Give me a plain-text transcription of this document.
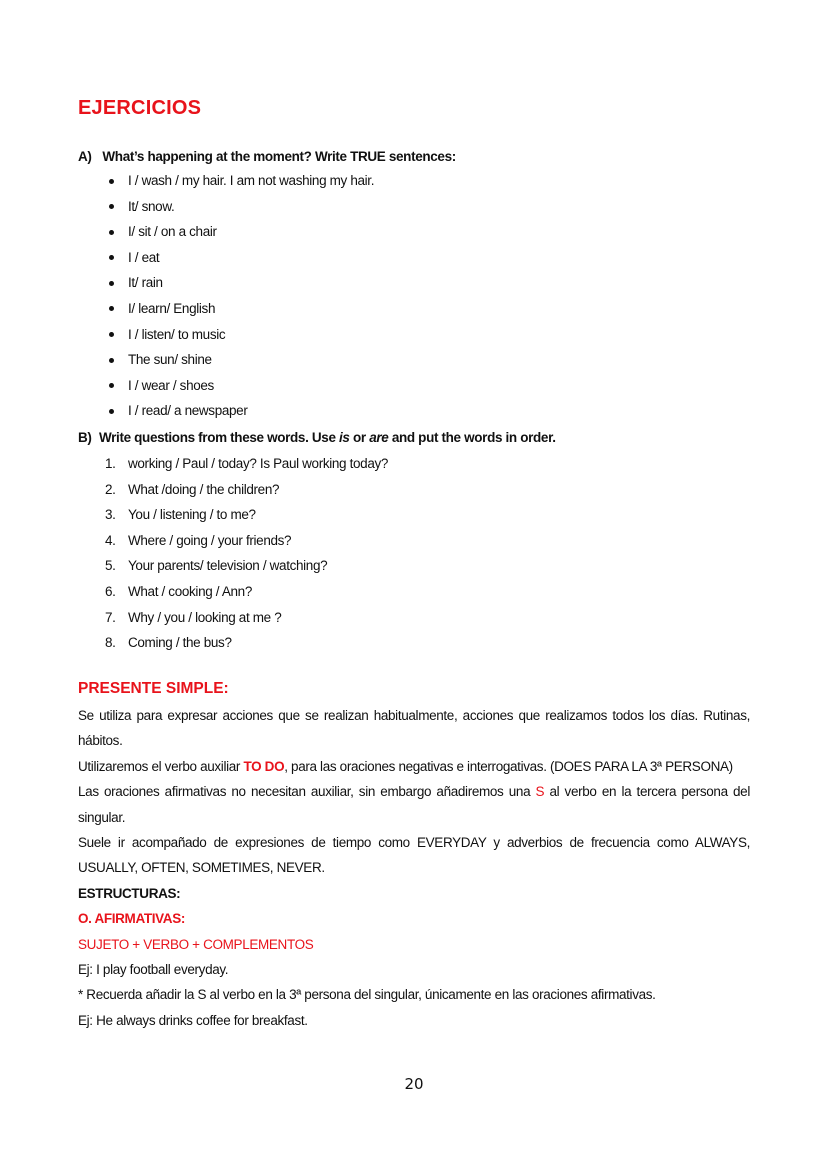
EJERCICIOS
A) What’s happening at the moment? Write TRUE sentences:
I / wash / my hair. I am not washing my hair.
It/ snow.
I/ sit / on a chair
I / eat
It/ rain
I/ learn/ English
I / listen/ to music
The sun/ shine
I / wear / shoes
I / read/ a newspaper
B) Write questions from these words. Use is or are and put the words in order.
1. working / Paul / today? Is Paul working today?
2. What /doing / the children?
3. You / listening / to me?
4. Where / going / your friends?
5. Your parents/ television / watching?
6. What / cooking / Ann?
7. Why / you / looking at me ?
8. Coming / the bus?
PRESENTE SIMPLE:
Se utiliza para expresar acciones que se realizan habitualmente, acciones que realizamos todos los días. Rutinas, hábitos.
Utilizaremos el verbo auxiliar TO DO, para las oraciones negativas e interrogativas. (DOES PARA LA 3ª PERSONA)
Las oraciones afirmativas no necesitan auxiliar, sin embargo añadiremos una S al verbo en la tercera persona del singular.
Suele ir acompañado de expresiones de tiempo como EVERYDAY y adverbios de frecuencia como ALWAYS, USUALLY, OFTEN, SOMETIMES, NEVER.
ESTRUCTURAS:
O. AFIRMATIVAS:
SUJETO + VERBO + COMPLEMENTOS
Ej: I play football everyday.
* Recuerda añadir la S al verbo en la 3ª persona del singular, únicamente en las oraciones afirmativas.
Ej: He always drinks coffee for breakfast.
20
